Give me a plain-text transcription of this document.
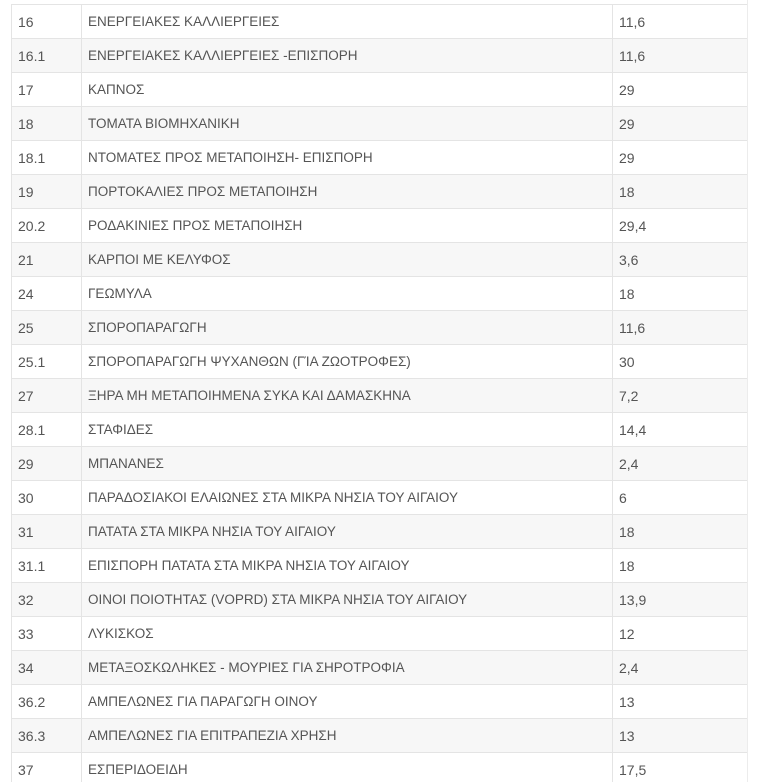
16	ΕΝΕΡΓΕΙΑΚΕΣ ΚΑΛΛΙΕΡΓΕΙΕΣ	11,6
16.1	ΕΝΕΡΓΕΙΑΚΕΣ ΚΑΛΛΙΕΡΓΕΙΕΣ -ΕΠΙΣΠΟΡΗ	11,6
17	ΚΑΠΝΟΣ	29
18	ΤΟΜΑΤΑ ΒΙΟΜΗΧΑΝΙΚΗ	29
18.1	ΝΤΟΜΑΤΕΣ ΠΡΟΣ ΜΕΤΑΠΟΙΗΣΗ- ΕΠΙΣΠΟΡΗ	29
19	ΠΟΡΤΟΚΑΛΙΕΣ ΠΡΟΣ ΜΕΤΑΠΟΙΗΣΗ	18
20.2	ΡΟΔΑΚΙΝΙΕΣ ΠΡΟΣ ΜΕΤΑΠΟΙΗΣΗ	29,4
21	ΚΑΡΠΟΙ ΜΕ ΚΕΛΥΦΟΣ	3,6
24	ΓΕΩΜΥΛΑ	18
25	ΣΠΟΡΟΠΑΡΑΓΩΓΗ	11,6
25.1	ΣΠΟΡΟΠΑΡΑΓΩΓΗ ΨΥΧΑΝΘΩΝ (ΓΊΑ ΖΩΟΤΡΟΦΕΣ)	30
27	ΞΗΡΑ ΜΗ ΜΕΤΑΠΟΙΗΜΕΝΑ ΣΥΚΑ ΚΑΙ ΔΑΜΑΣΚΗΝΑ	7,2
28.1	ΣΤΑΦΙΔΕΣ	14,4
29	ΜΠΑΝΑΝΕΣ	2,4
30	ΠΑΡΑΔΟΣΙΑΚΟΙ ΕΛΑΙΩΝΕΣ ΣΤΑ ΜΙΚΡΑ ΝΗΣΙΑ ΤΟΥ ΑΙΓΑΙΟΥ	6
31	ΠΑΤΑΤΑ ΣΤΑ ΜΙΚΡΑ ΝΗΣΙΑ ΤΟΥ ΑΙΓΑΙΟΥ	18
31.1	ΕΠΙΣΠΟΡΗ ΠΑΤΑΤΑ ΣΤΑ ΜΙΚΡΑ ΝΗΣΙΑ ΤΟΥ ΑΙΓΑΙΟΥ	18
32	ΟΙΝΟΙ ΠΟΙΟΤΗΤΑΣ (VOPRD) ΣΤΑ ΜΙΚΡΑ ΝΗΣΙΑ ΤΟΥ ΑΙΓΑΙΟΥ	13,9
33	ΛΥΚΙΣΚΟΣ	12
34	ΜΕΤΑΞΟΣΚΩΛΗΚΕΣ - ΜΟΥΡΙΕΣ ΓΙΑ ΣΗΡΟΤΡΟΦΙΑ	2,4
36.2	ΑΜΠΕΛΩΝΕΣ ΓΙΑ ΠΑΡΑΓΩΓΗ ΟΙΝΟΥ	13
36.3	ΑΜΠΕΛΩΝΕΣ ΓΙΑ ΕΠΙΤΡΑΠΕΖΙΑ ΧΡΗΣΗ	13
37	ΕΣΠΕΡΙΔΟΕΙΔΗ	17,5
